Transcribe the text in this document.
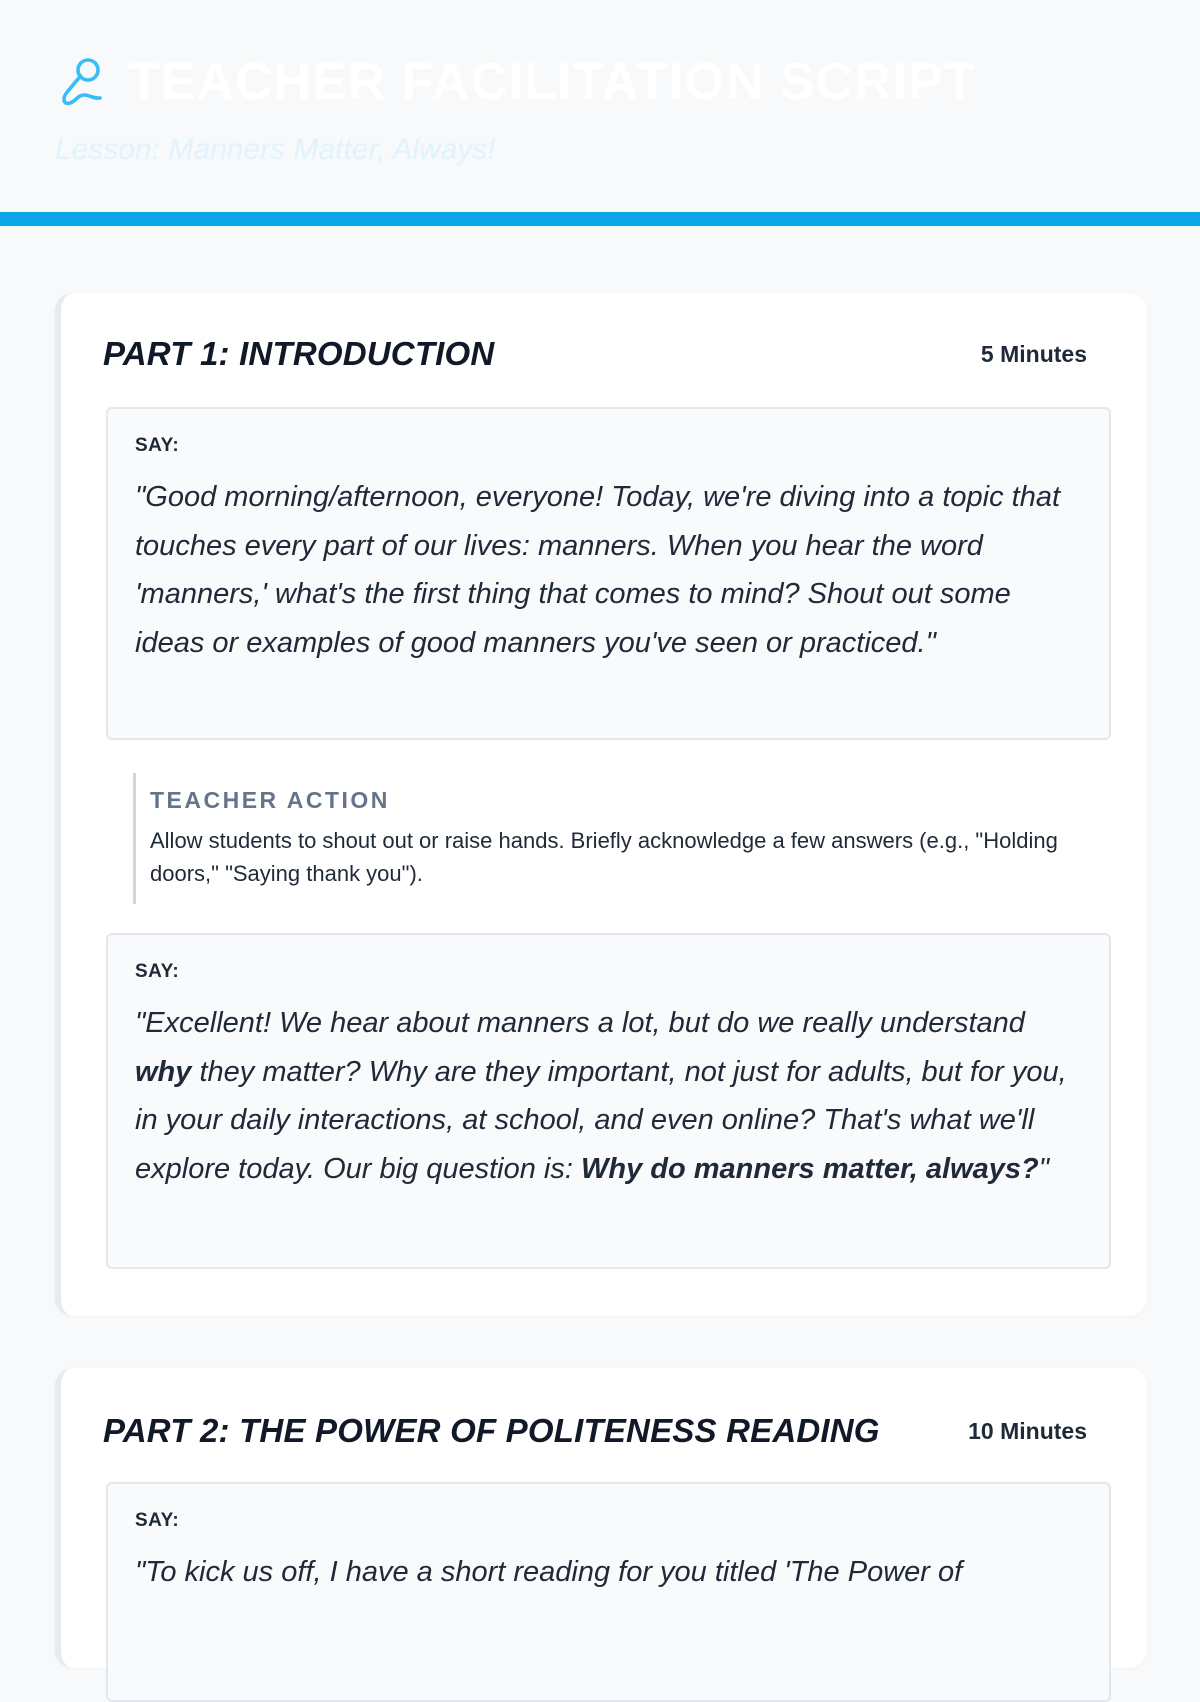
TEACHER FACILITATION SCRIPT
Lesson: Manners Matter, Always!
PART 1: INTRODUCTION	5 Minutes
SAY:

"Good morning/afternoon, everyone! Today, we're diving into a topic that touches every part of our lives: manners. When you hear the word 'manners,' what's the first thing that comes to mind? Shout out some ideas or examples of good manners you've seen or practiced."

TEACHER ACTION

Allow students to shout out or raise hands. Briefly acknowledge a few answers (e.g., "Holding doors," "Saying thank you").

SAY:

"Excellent! We hear about manners a lot, but do we really understand why they matter? Why are they important, not just for adults, but for you, in your daily interactions, at school, and even online? That's what we'll explore today. Our big question is: Why do manners matter, always?"

PART 2: THE POWER OF POLITENESS READING	10 Minutes
SAY:

"To kick us off, I have a short reading for you titled 'The Power of
